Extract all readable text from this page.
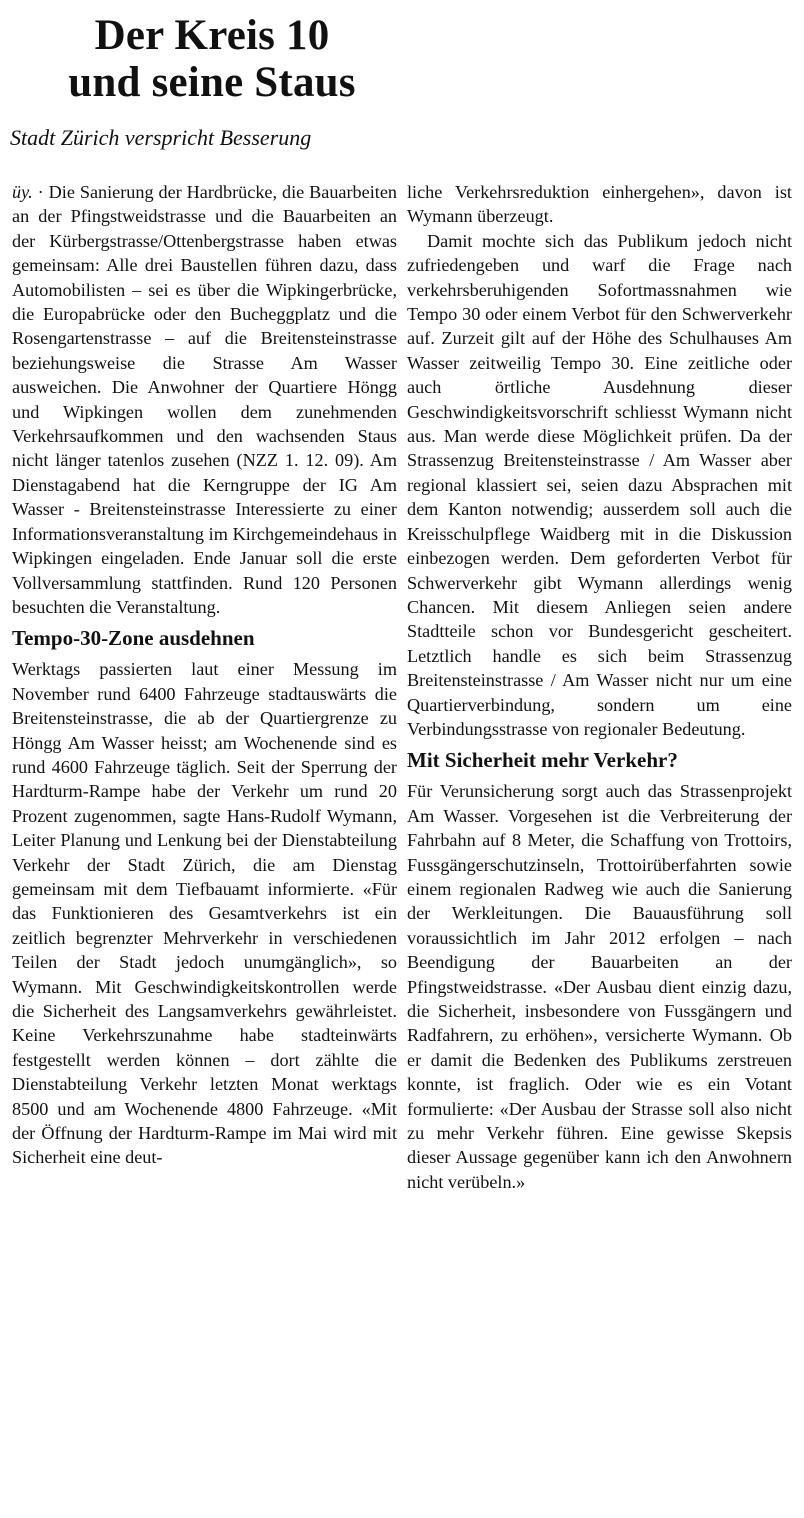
Der Kreis 10
und seine Staus

Stadt Zürich verspricht Besserung

üy. · Die Sanierung der Hardbrücke, die Bauarbeiten an der Pfingstweidstrasse und die Bauarbeiten an der Kürbergstrasse/Ottenbergstrasse haben etwas gemeinsam: Alle drei Baustellen führen dazu, dass Automobilisten – sei es über die Wipkingerbrücke, die Europabrücke oder den Bucheggplatz und die Rosengartenstrasse – auf die Breitensteinstrasse beziehungsweise die Strasse Am Wasser ausweichen. Die Anwohner der Quartiere Höngg und Wipkingen wollen dem zunehmenden Verkehrsaufkommen und den wachsenden Staus nicht länger tatenlos zusehen (NZZ 1. 12. 09). Am Dienstagabend hat die Kerngruppe der IG Am Wasser - Breitensteinstrasse Interessierte zu einer Informationsveranstaltung im Kirchgemeindehaus in Wipkingen eingeladen. Ende Januar soll die erste Vollversammlung stattfinden. Rund 120 Personen besuchten die Veranstaltung.

Tempo-30-Zone ausdehnen

Werktags passierten laut einer Messung im November rund 6400 Fahrzeuge stadtauswärts die Breitensteinstrasse, die ab der Quartiergrenze zu Höngg Am Wasser heisst; am Wochenende sind es rund 4600 Fahrzeuge täglich. Seit der Sperrung der Hardturm-Rampe habe der Verkehr um rund 20 Prozent zugenommen, sagte Hans-Rudolf Wymann, Leiter Planung und Lenkung bei der Dienstabteilung Verkehr der Stadt Zürich, die am Dienstag gemeinsam mit dem Tiefbauamt informierte. «Für das Funktionieren des Gesamtverkehrs ist ein zeitlich begrenzter Mehrverkehr in verschiedenen Teilen der Stadt jedoch unumgänglich», so Wymann. Mit Geschwindigkeitskontrollen werde die Sicherheit des Langsamverkehrs gewährleistet. Keine Verkehrszunahme habe stadteinwärts festgestellt werden können – dort zählte die Dienstabteilung Verkehr letzten Monat werktags 8500 und am Wochenende 4800 Fahrzeuge. «Mit der Öffnung der Hardturm-Rampe im Mai wird mit Sicherheit eine deut-

liche Verkehrsreduktion einhergehen», davon ist Wymann überzeugt.

Damit mochte sich das Publikum jedoch nicht zufriedengeben und warf die Frage nach verkehrsberuhigenden Sofortmassnahmen wie Tempo 30 oder einem Verbot für den Schwerverkehr auf. Zurzeit gilt auf der Höhe des Schulhauses Am Wasser zeitweilig Tempo 30. Eine zeitliche oder auch örtliche Ausdehnung dieser Geschwindigkeitsvorschrift schliesst Wymann nicht aus. Man werde diese Möglichkeit prüfen. Da der Strassenzug Breitensteinstrasse / Am Wasser aber regional klassiert sei, seien dazu Absprachen mit dem Kanton notwendig; ausserdem soll auch die Kreisschulpflege Waidberg mit in die Diskussion einbezogen werden. Dem geforderten Verbot für Schwerverkehr gibt Wymann allerdings wenig Chancen. Mit diesem Anliegen seien andere Stadtteile schon vor Bundesgericht gescheitert. Letztlich handle es sich beim Strassenzug Breitensteinstrasse / Am Wasser nicht nur um eine Quartierverbindung, sondern um eine Verbindungsstrasse von regionaler Bedeutung.

Mit Sicherheit mehr Verkehr?

Für Verunsicherung sorgt auch das Strassenprojekt Am Wasser. Vorgesehen ist die Verbreiterung der Fahrbahn auf 8 Meter, die Schaffung von Trottoirs, Fussgängerschutzinseln, Trottoirüberfahrten sowie einem regionalen Radweg wie auch die Sanierung der Werkleitungen. Die Bauausführung soll voraussichtlich im Jahr 2012 erfolgen – nach Beendigung der Bauarbeiten an der Pfingstweidstrasse. «Der Ausbau dient einzig dazu, die Sicherheit, insbesondere von Fussgängern und Radfahrern, zu erhöhen», versicherte Wymann. Ob er damit die Bedenken des Publikums zerstreuen konnte, ist fraglich. Oder wie es ein Votant formulierte: «Der Ausbau der Strasse soll also nicht zu mehr Verkehr führen. Eine gewisse Skepsis dieser Aussage gegenüber kann ich den Anwohnern nicht verübeln.»
